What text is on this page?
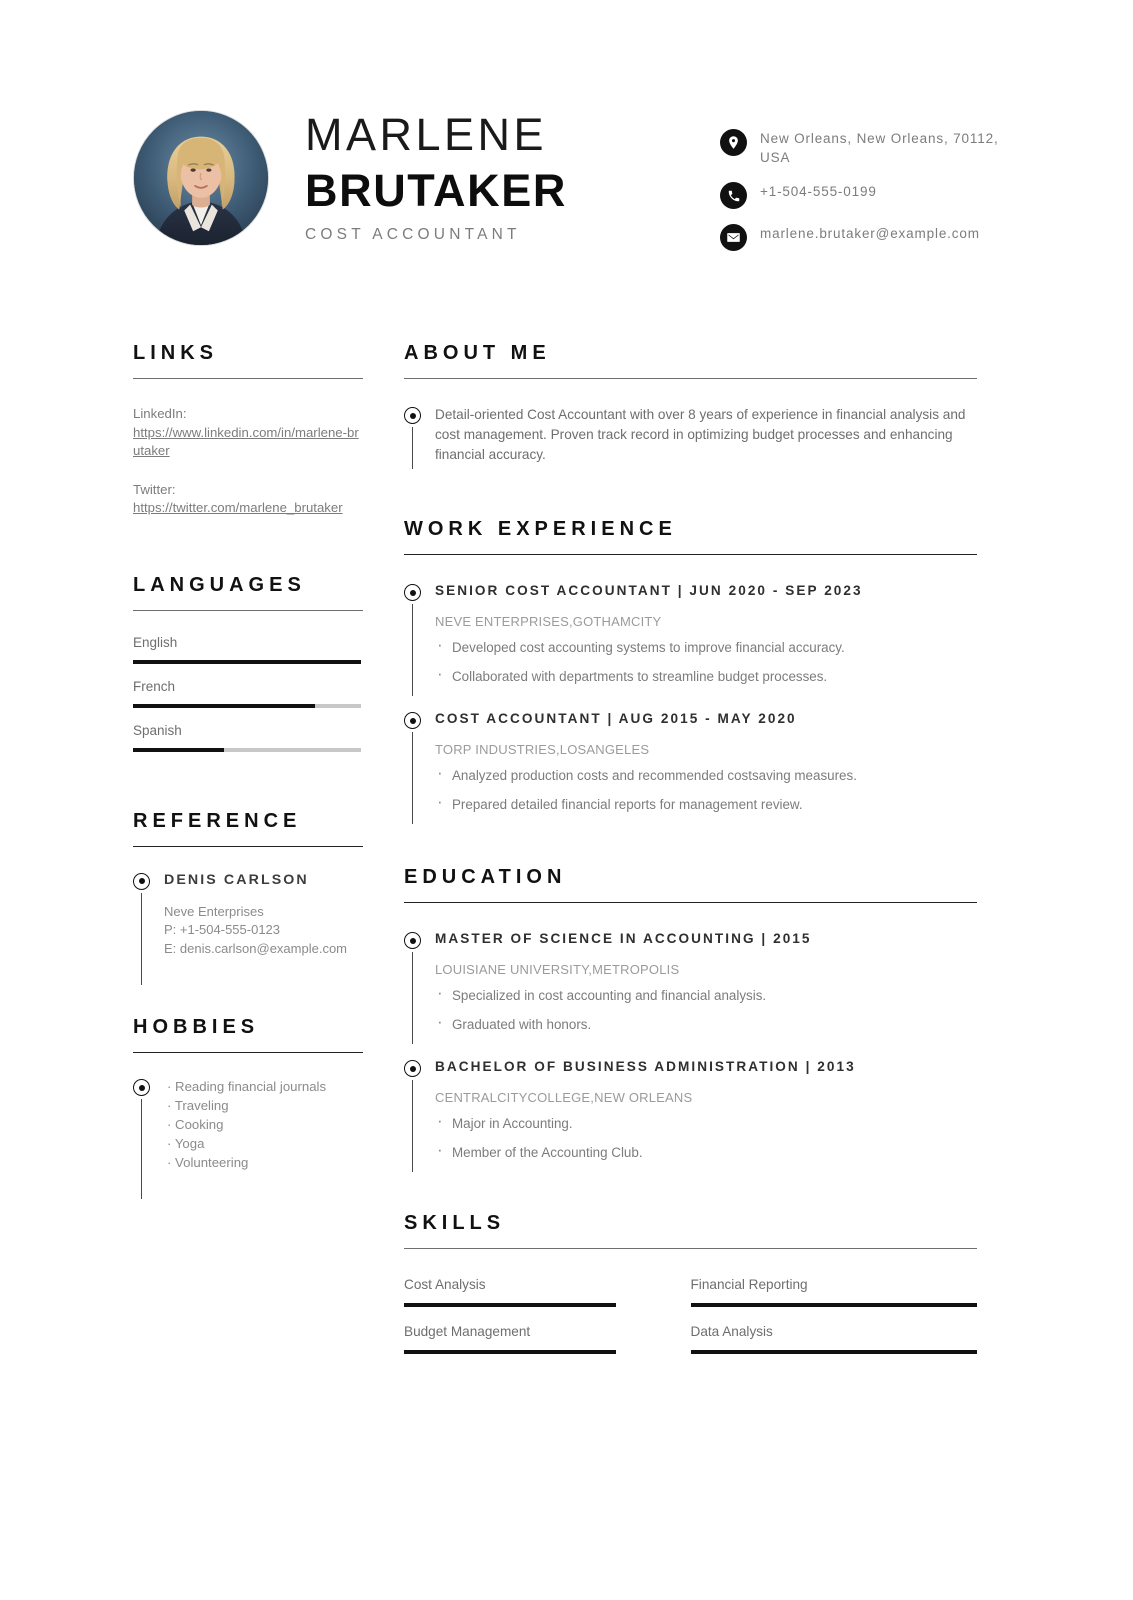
MARLENE
BRUTAKER
COST ACCOUNTANT
New Orleans, New Orleans, 70112, USA
+1-504-555-0199
marlene.brutaker@example.com
LINKS
LinkedIn:
https://www.linkedin.com/in/marlene-brutaker
Twitter:
https://twitter.com/marlene_brutaker
LANGUAGES
English
French
Spanish
REFERENCE
DENIS CARLSON
Neve Enterprises
P: +1-504-555-0123
E: denis.carlson@example.com
HOBBIES
· Reading financial journals
· Traveling
· Cooking
· Yoga
· Volunteering
ABOUT ME
Detail-oriented Cost Accountant with over 8 years of experience in financial analysis and cost management. Proven track record in optimizing budget processes and enhancing financial accuracy.
WORK EXPERIENCE
SENIOR COST ACCOUNTANT | JUN 2020 - SEP 2023
NEVE ENTERPRISES,GOTHAMCITY
· Developed cost accounting systems to improve financial accuracy.
· Collaborated with departments to streamline budget processes.
COST ACCOUNTANT | AUG 2015 - MAY 2020
TORP INDUSTRIES,LOSANGELES
· Analyzed production costs and recommended costsaving measures.
· Prepared detailed financial reports for management review.
EDUCATION
MASTER OF SCIENCE IN ACCOUNTING | 2015
LOUISIANE UNIVERSITY,METROPOLIS
· Specialized in cost accounting and financial analysis.
· Graduated with honors.
BACHELOR OF BUSINESS ADMINISTRATION | 2013
CENTRALCITYCOLLEGE,NEW ORLEANS
· Major in Accounting.
· Member of the Accounting Club.
SKILLS
Cost Analysis	Financial Reporting
Budget Management	Data Analysis
